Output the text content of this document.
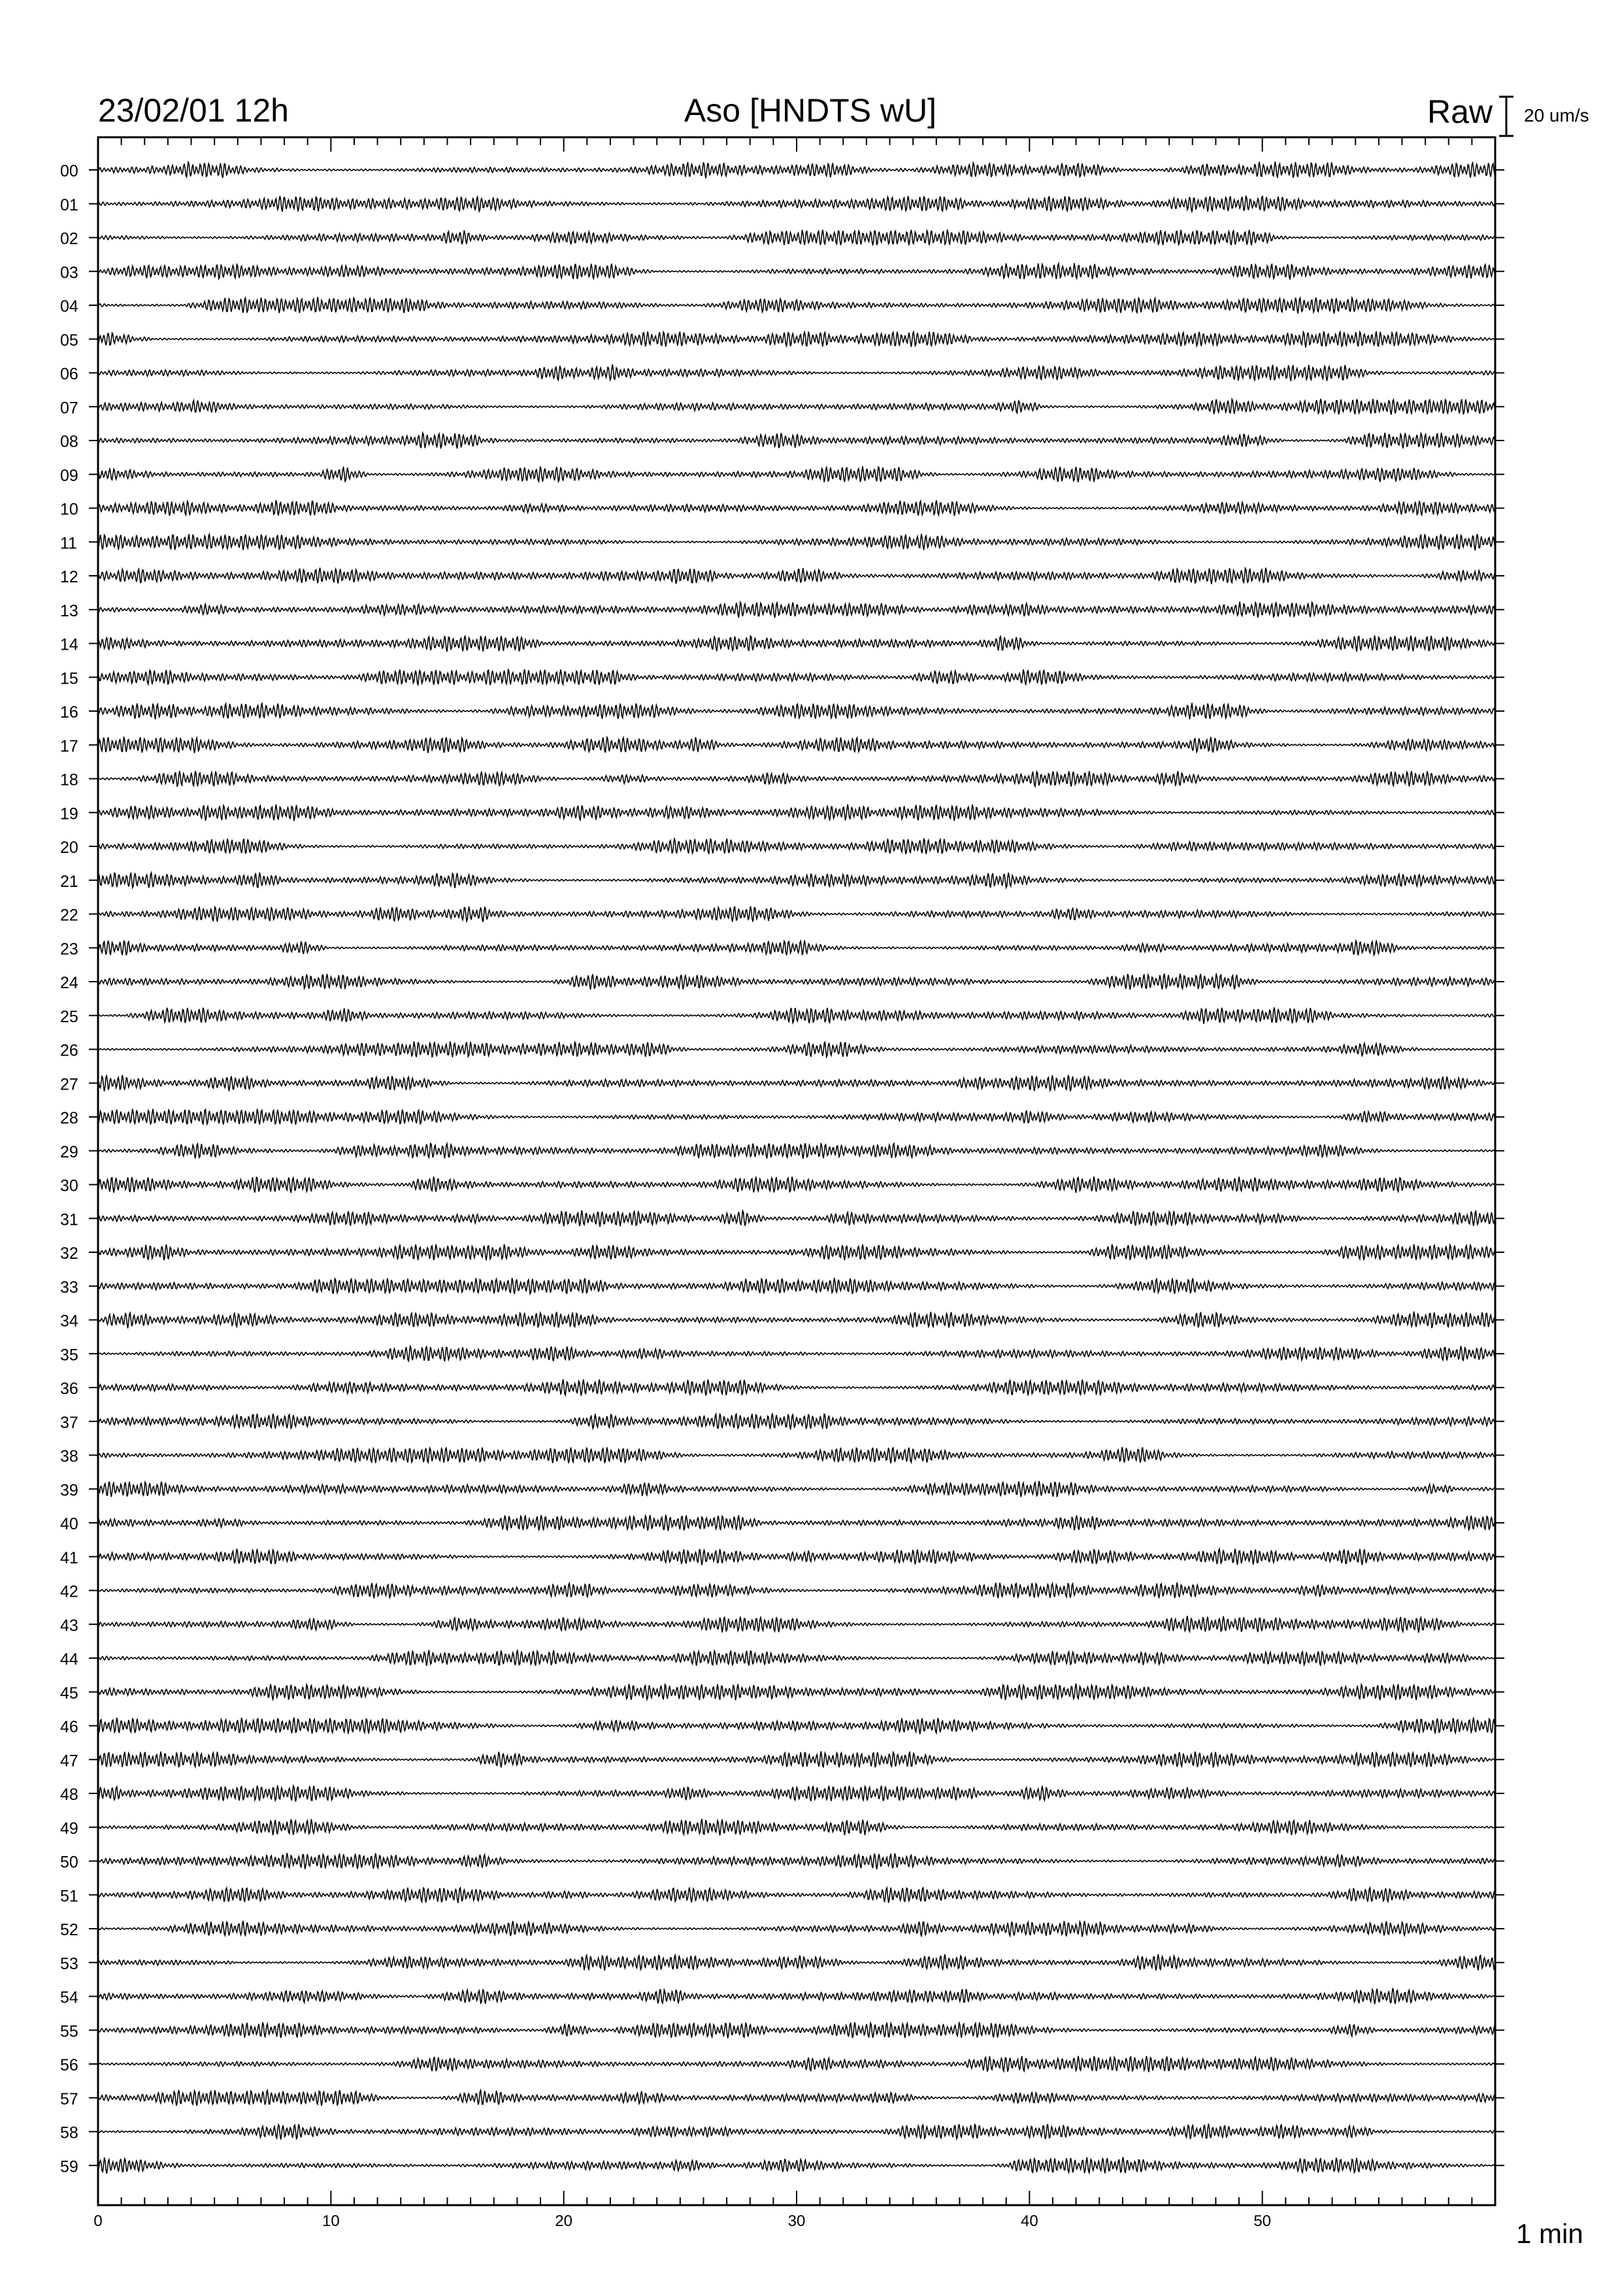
23/02/01 12h	Aso [HNDTS wU]	Raw 20 um/s
00
01
02
03
04
05
06
07
08
09
10
11
12
13
14
15
16
17
18
19
20
21
22
23
24
25
26
27
28
29
30
31
32
33
34
35
36
37
38
39
40
41
42
43
44
45
46
47
48
49
50
51
52
53
54
55
56
57
58
59
0	10	20	30	40	50	1 min
